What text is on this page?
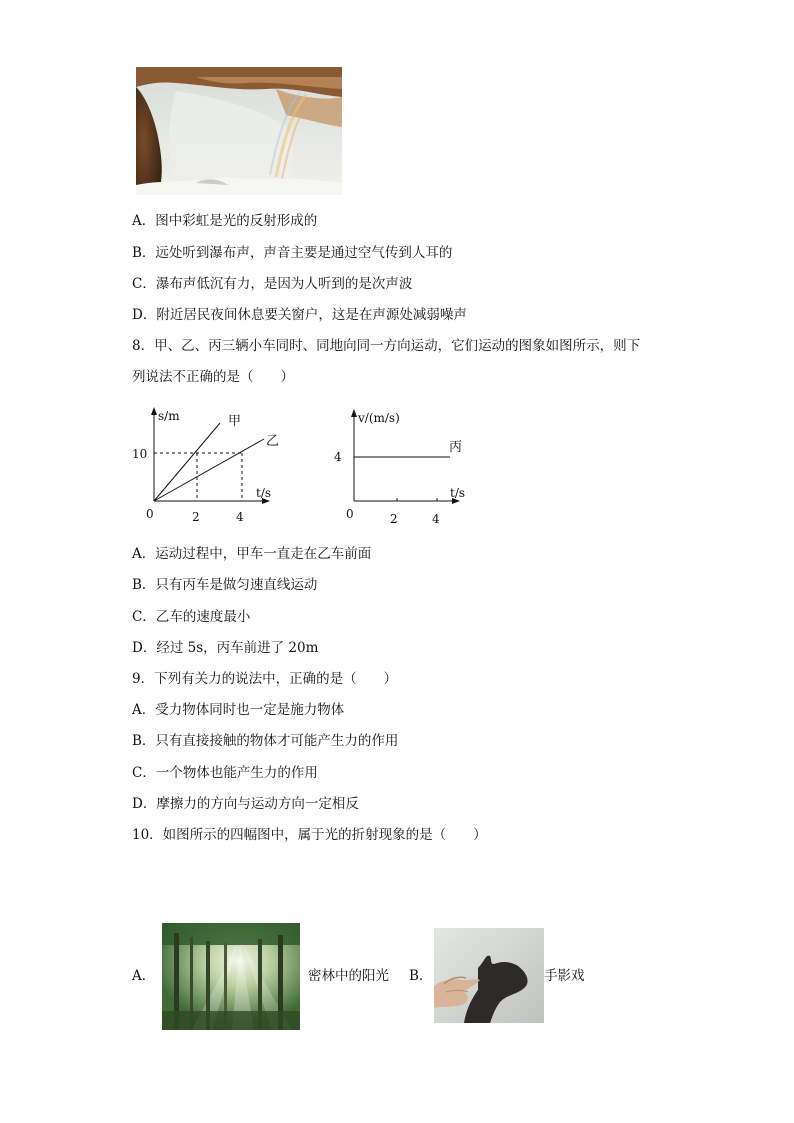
A．图中彩虹是光的反射形成的
B．远处听到瀑布声，声音主要是通过空气传到人耳的
C．瀑布声低沉有力，是因为人听到的是次声波
D．附近居民夜间休息要关窗户，这是在声源处减弱噪声
8．甲、乙、丙三辆小车同时、同地向同一方向运动，它们运动的图象如图所示，则下
列说法不正确的是（　　）
s/m	甲
乙
10
t/s
0	2	4
v/(m/s)
丙
4
t/s
0	2	4
A．运动过程中，甲车一直走在乙车前面
B．只有丙车是做匀速直线运动
C．乙车的速度最小
D．经过 5s，丙车前进了 20m
9．下列有关力的说法中，正确的是（　　）
A．受力物体同时也一定是施力物体
B．只有直接接触的物体才可能产生力的作用
C．一个物体也能产生力的作用
D．摩擦力的方向与运动方向一定相反
10．如图所示的四幅图中，属于光的折射现象的是（　　）
A．	密林中的阳光 B．	手影戏
